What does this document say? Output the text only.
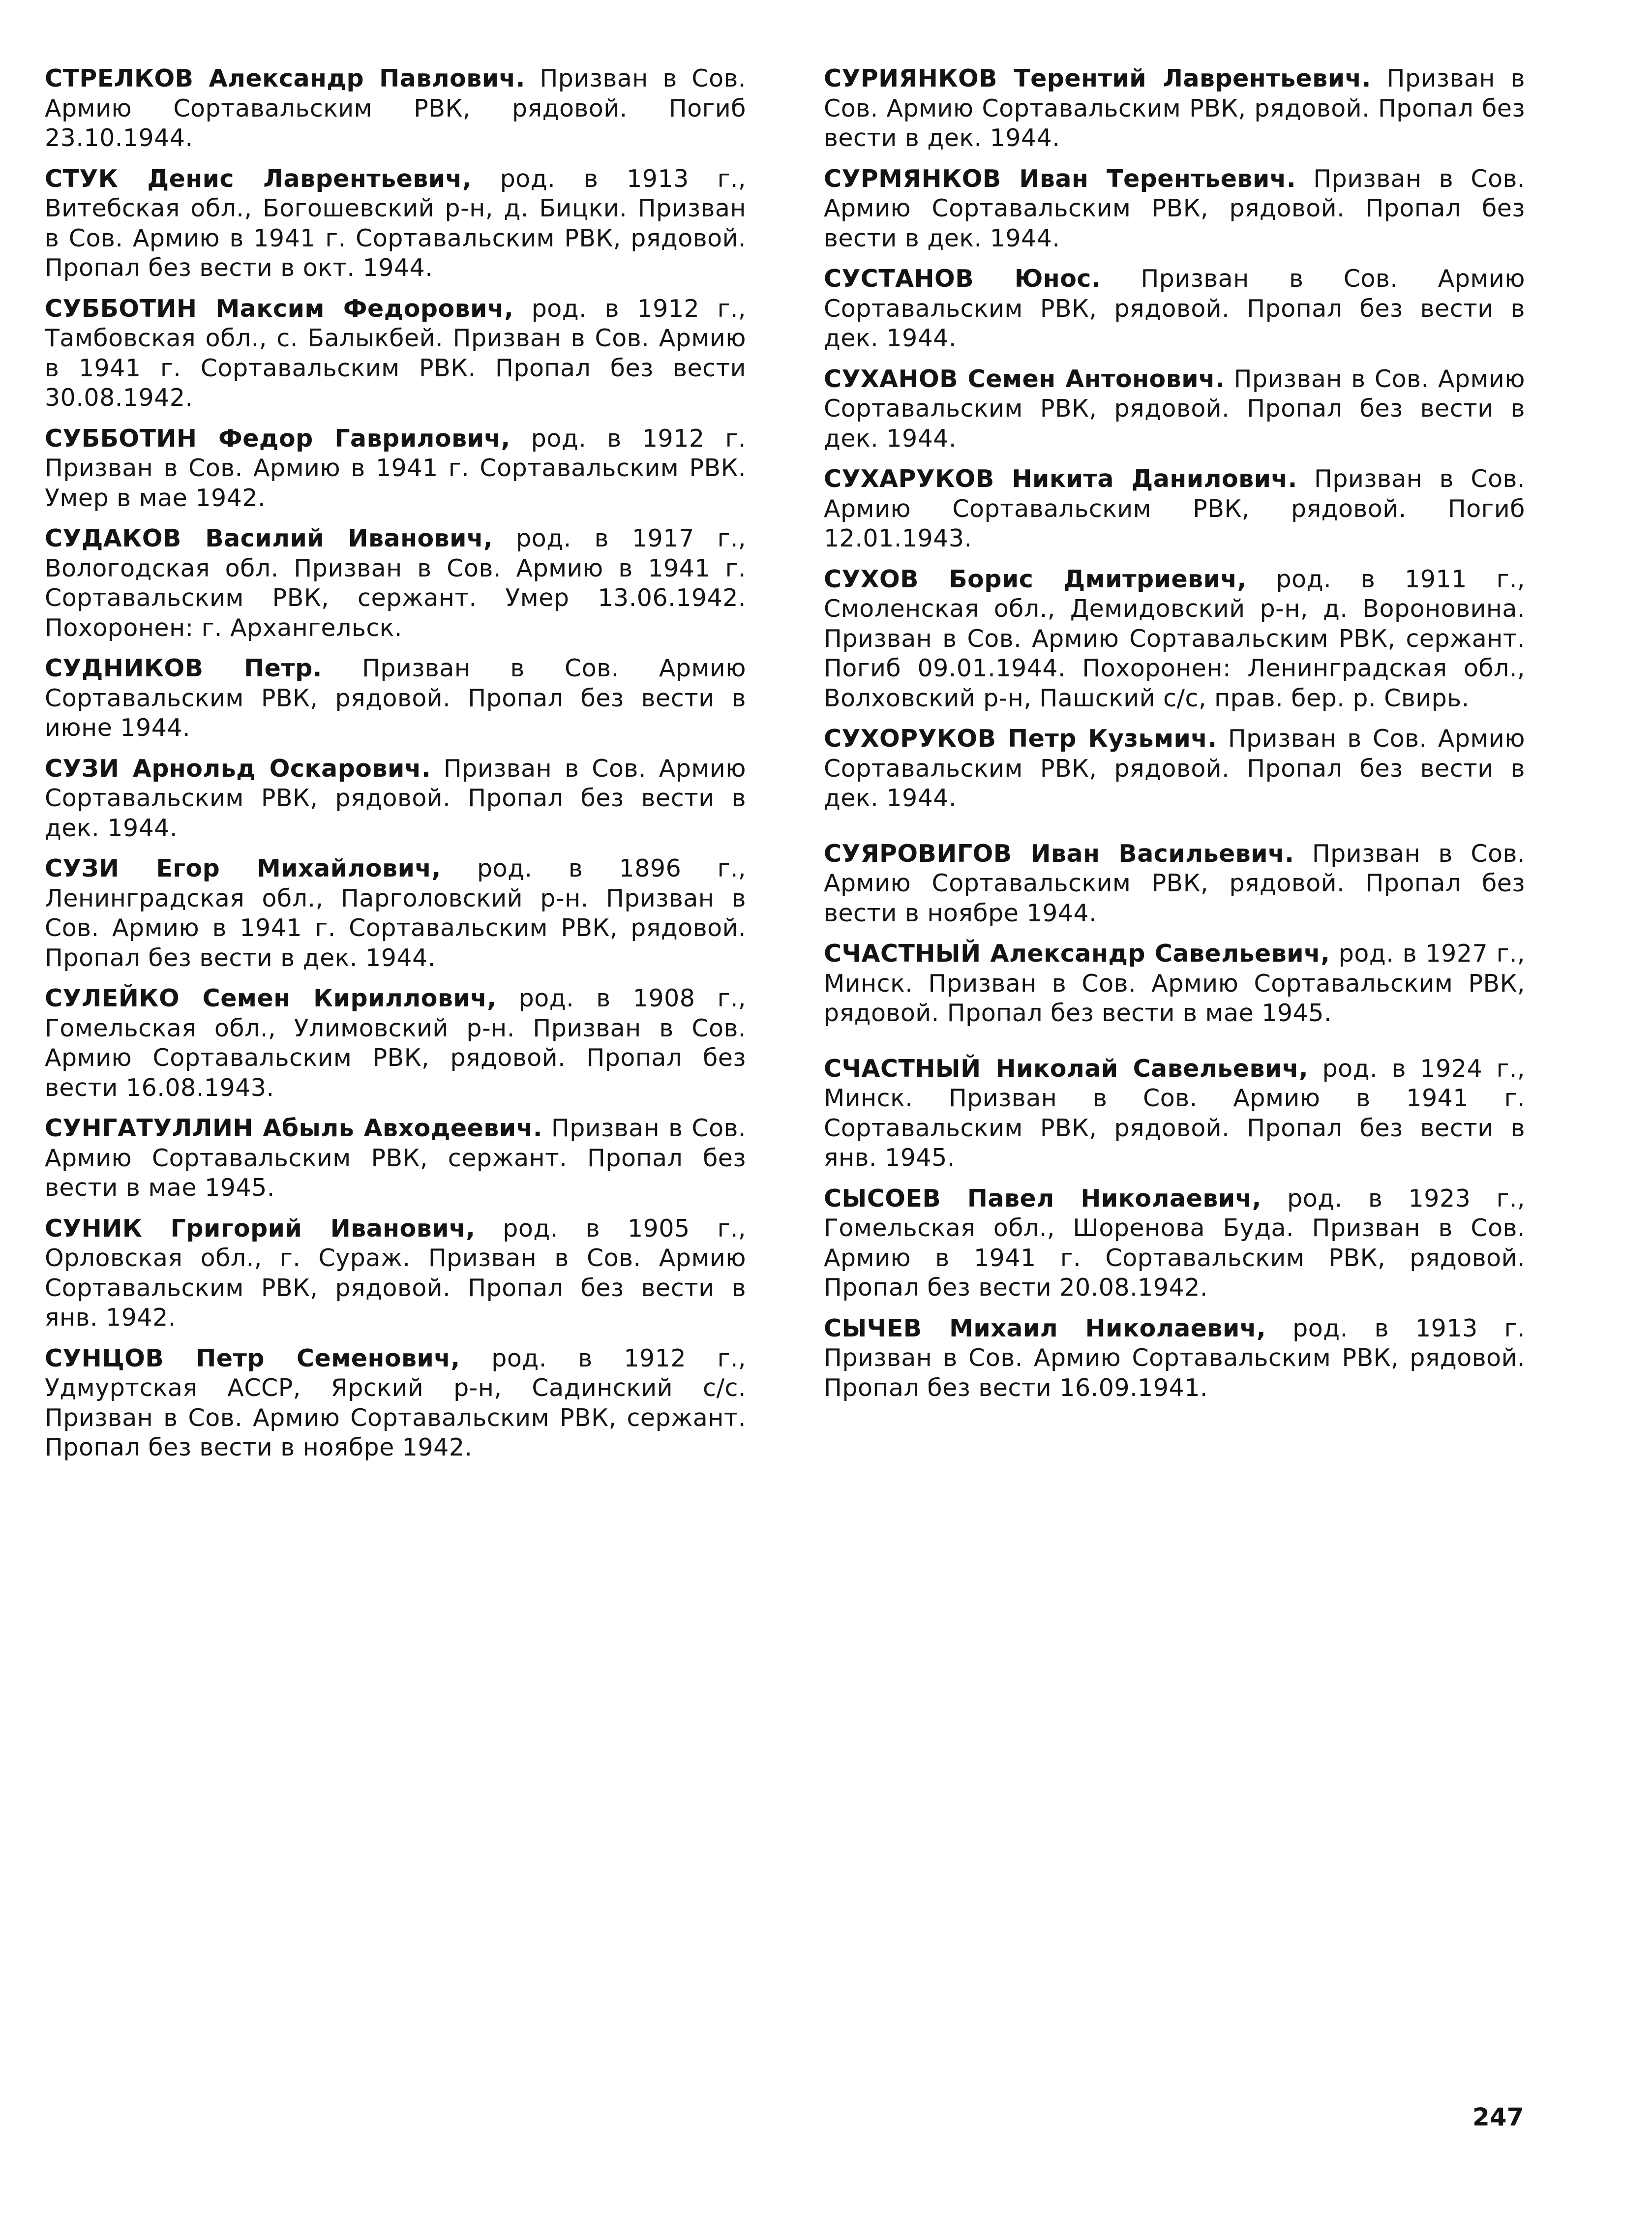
СТРЕЛКОВ Александр Павлович. Призван в Сов. Армию Сортавальским РВК, рядовой. Погиб 23.10.1944.

СТУК Денис Лаврентьевич, род. в 1913 г., Витебская обл., Богошевский р-н, д. Бицки. Призван в Сов. Армию в 1941 г. Сортавальским РВК, рядовой. Пропал без вести в окт. 1944.

СУББОТИН Максим Федорович, род. в 1912 г., Тамбовская обл., с. Балыкбей. Призван в Сов. Армию в 1941 г. Сортавальским РВК. Пропал без вести 30.08.1942.

СУББОТИН Федор Гаврилович, род. в 1912 г. Призван в Сов. Армию в 1941 г. Сортавальским РВК. Умер в мае 1942.

СУДАКОВ Василий Иванович, род. в 1917 г., Вологодская обл. Призван в Сов. Армию в 1941 г. Сортавальским РВК, сержант. Умер 13.06.1942. Похоронен: г. Архангельск.

СУДНИКОВ Петр. Призван в Сов. Армию Сортавальским РВК, рядовой. Пропал без вести в июне 1944.

СУЗИ Арнольд Оскарович. Призван в Сов. Армию Сортавальским РВК, рядовой. Пропал без вести в дек. 1944.

СУЗИ Егор Михайлович, род. в 1896 г., Ленинградская обл., Парголовский р-н. Призван в Сов. Армию в 1941 г. Сортавальским РВК, рядовой. Пропал без вести в дек. 1944.

СУЛЕЙКО Семен Кириллович, род. в 1908 г., Гомельская обл., Улимовский р-н. Призван в Сов. Армию Сортавальским РВК, рядовой. Пропал без вести 16.08.1943.

СУНГАТУЛЛИН Абыль Авходеевич. Призван в Сов. Армию Сортавальским РВК, сержант. Пропал без вести в мае 1945.

СУНИК Григорий Иванович, род. в 1905 г., Орловская обл., г. Сураж. Призван в Сов. Армию Сортавальским РВК, рядовой. Пропал без вести в янв. 1942.

СУНЦОВ Петр Семенович, род. в 1912 г., Удмуртская АССР, Ярский р-н, Садинский с/с. Призван в Сов. Армию Сортавальским РВК, сержант. Пропал без вести в ноябре 1942.

СУРИЯНКОВ Терентий Лаврентьевич. Призван в Сов. Армию Сортавальским РВК, рядовой. Пропал без вести в дек. 1944.

СУРМЯНКОВ Иван Терентьевич. Призван в Сов. Армию Сортавальским РВК, рядовой. Пропал без вести в дек. 1944.

СУСТАНОВ Юнос. Призван в Сов. Армию Сортавальским РВК, рядовой. Пропал без вести в дек. 1944.

СУХАНОВ Семен Антонович. Призван в Сов. Армию Сортавальским РВК, рядовой. Пропал без вести в дек. 1944.

СУХАРУКОВ Никита Данилович. Призван в Сов. Армию Сортавальским РВК, рядовой. Погиб 12.01.1943.

СУХОВ Борис Дмитриевич, род. в 1911 г., Смоленская обл., Демидовский р-н, д. Вороновина. Призван в Сов. Армию Сортавальским РВК, сержант. Погиб 09.01.1944. Похоронен: Ленинградская обл., Волховский р-н, Пашский с/с, прав. бер. р. Свирь.

СУХОРУКОВ Петр Кузьмич. Призван в Сов. Армию Сортавальским РВК, рядовой. Пропал без вести в дек. 1944.

СУЯРОВИГОВ Иван Васильевич. Призван в Сов. Армию Сортавальским РВК, рядовой. Пропал без вести в ноябре 1944.

СЧАСТНЫЙ Александр Савельевич, род. в 1927 г., Минск. Призван в Сов. Армию Сортавальским РВК, рядовой. Пропал без вести в мае 1945.

СЧАСТНЫЙ Николай Савельевич, род. в 1924 г., Минск. Призван в Сов. Армию в 1941 г. Сортавальским РВК, рядовой. Пропал без вести в янв. 1945.

СЫСОЕВ Павел Николаевич, род. в 1923 г., Гомельская обл., Шоренова Буда. Призван в Сов. Армию в 1941 г. Сортавальским РВК, рядовой. Пропал без вести 20.08.1942.

СЫЧЕВ Михаил Николаевич, род. в 1913 г. Призван в Сов. Армию Сортавальским РВК, рядовой. Пропал без вести 16.09.1941.

247
